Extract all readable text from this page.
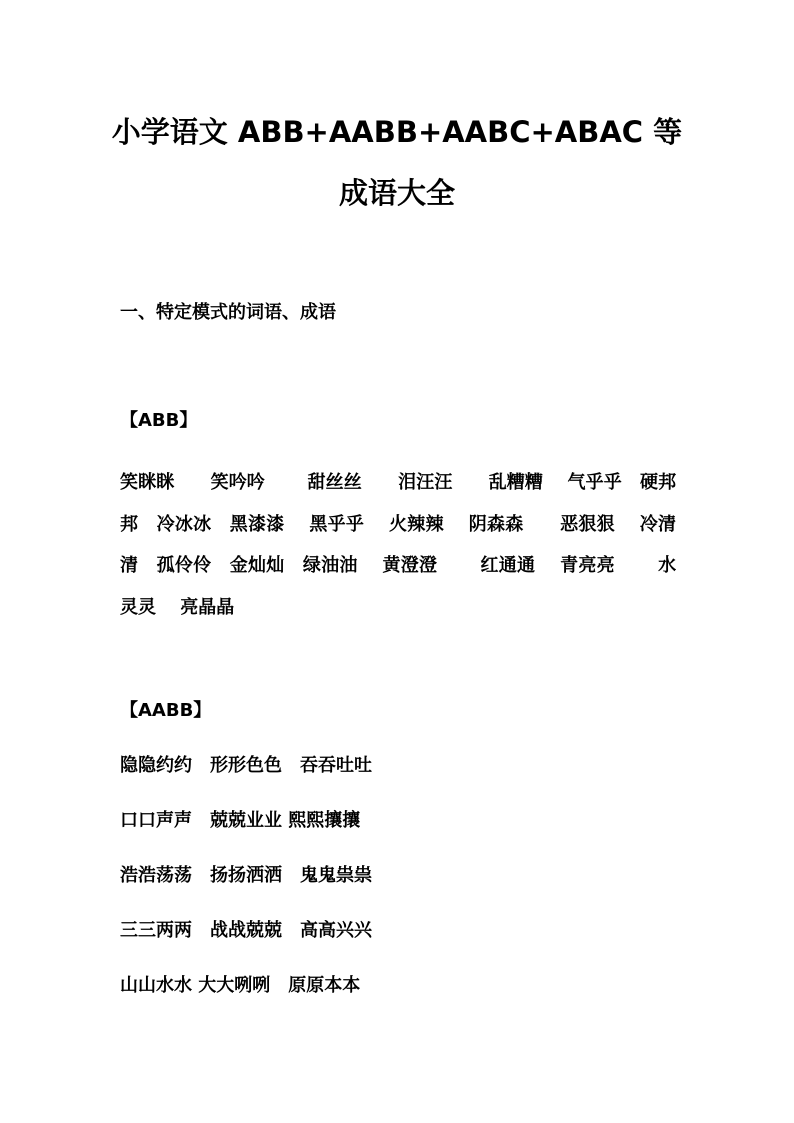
小学语文 ABB+AABB+AABC+ABAC 等
成语大全
一、特定模式的词语、成语
【ABB】
笑眯眯　　 笑吟吟　　 甜丝丝　　 泪汪汪　　 乱糟糟　 气乎乎　 硬邦邦　 冷冰冰　 黑漆漆　 黑乎乎　 火辣辣　 阴森森　　 恶狠狠　 冷清清　 孤伶伶　 金灿灿　 绿油油　 黄澄澄　　 红通通　 青亮亮　　 水灵灵　 亮晶晶
【AABB】
隐隐约约　 形形色色　 吞吞吐吐
口口声声　 兢兢业业 熙熙攘攘
浩浩荡荡　 扬扬洒洒　 鬼鬼祟祟
三三两两　 战战兢兢　 高高兴兴
山山水水 大大咧咧　 原原本本
